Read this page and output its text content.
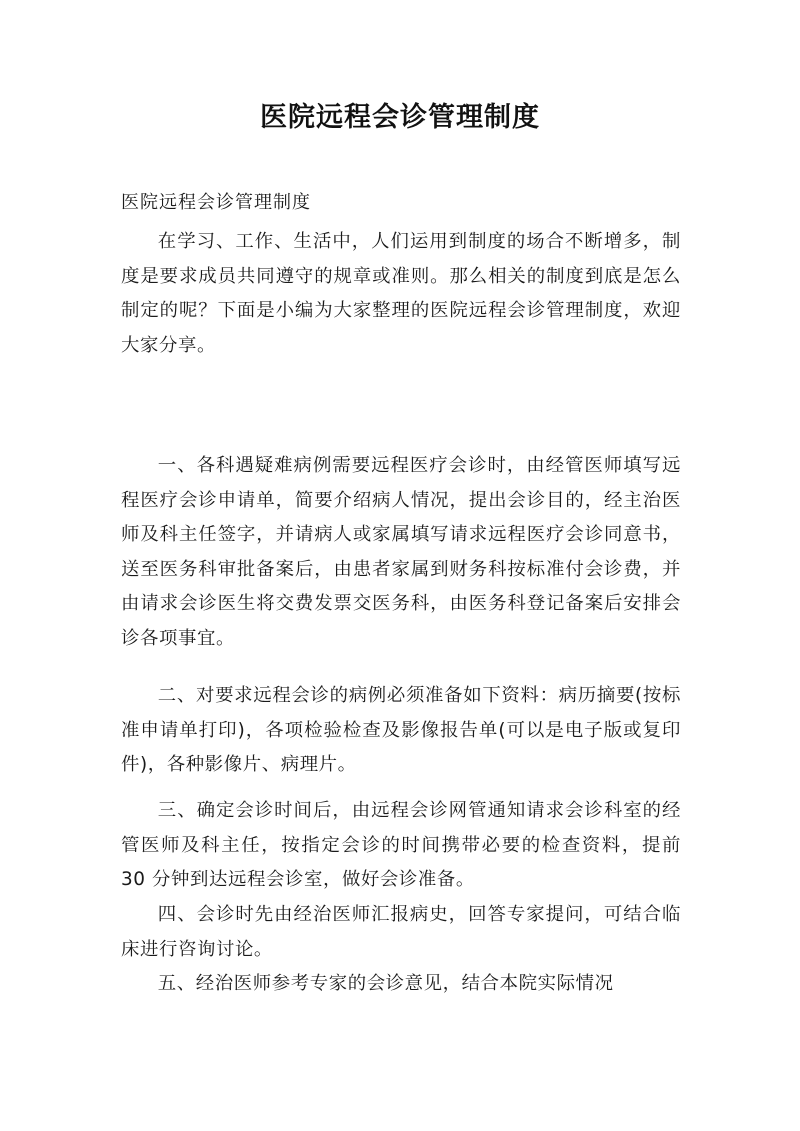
医院远程会诊管理制度
医院远程会诊管理制度

在学习、工作、生活中，人们运用到制度的场合不断增多，制度是要求成员共同遵守的规章或准则。那么相关的制度到底是怎么制定的呢？下面是小编为大家整理的医院远程会诊管理制度，欢迎大家分享。

一、各科遇疑难病例需要远程医疗会诊时，由经管医师填写远程医疗会诊申请单，简要介绍病人情况，提出会诊目的，经主治医师及科主任签字，并请病人或家属填写请求远程医疗会诊同意书，送至医务科审批备案后，由患者家属到财务科按标准付会诊费，并由请求会诊医生将交费发票交医务科，由医务科登记备案后安排会诊各项事宜。

二、对要求远程会诊的病例必须准备如下资料：病历摘要(按标准申请单打印)，各项检验检查及影像报告单(可以是电子版或复印件)，各种影像片、病理片。

三、确定会诊时间后，由远程会诊网管通知请求会诊科室的经管医师及科主任，按指定会诊的时间携带必要的检查资料，提前 30 分钟到达远程会诊室，做好会诊准备。

四、会诊时先由经治医师汇报病史，回答专家提问，可结合临床进行咨询讨论。

五、经治医师参考专家的会诊意见，结合本院实际情况
